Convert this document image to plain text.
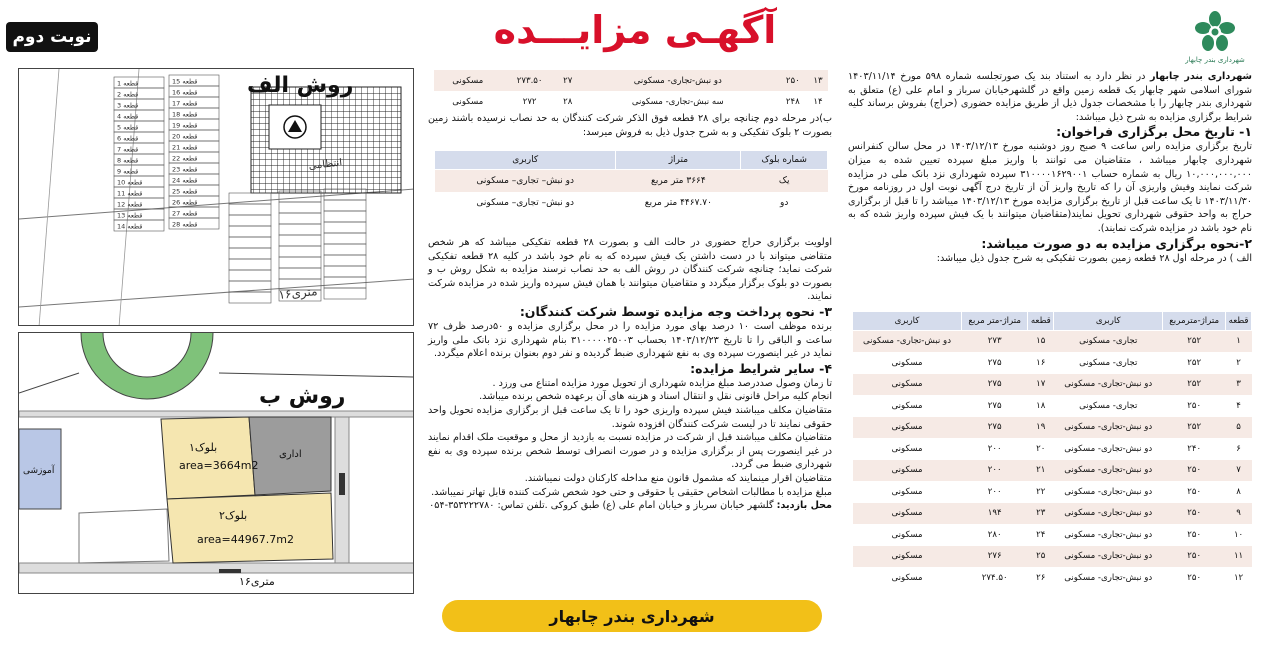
نوبت دوم	آگهـی مزایـــده
شهرداری بندر چابهار

شهرداری بندر چابهار در نظر دارد به استناد بند یک صورتجلسه شماره ۵۹۸ مورخ ۱۴۰۳/۱۱/۱۴ شورای اسلامی شهر چابهار یک قطعه زمین واقع در گلشهرخیابان سرباز و امام علی (ع) متعلق به شهرداری بندر چابهار را با مشخصات جدول ذیل از طریق مزایده حضوری (حراج) بفروش برساند کلیه شرایط برگزاری مزایده به شرح ذیل میباشد:

۱- تاریخ محل برگزاری فراخوان:

تاریخ برگزاری مزایده راس ساعت ۹ صبح روز دوشنبه مورخ ۱۴۰۳/۱۲/۱۳ در محل سالن کنفرانس شهرداری چابهار میباشد ، متقاضیان می توانند با واریز مبلغ سپرده تعیین شده به میزان ۱۰,۰۰۰,۰۰۰,۰۰۰ ریال به شماره حساب ۳۱۰۰۰۰۱۶۲۹۰۰۱ سپرده شهرداری نزد بانک ملی در مزایده شرکت نمایند وفیش واریزی آن را که تاریخ واریز آن از تاریخ درج آگهی نوبت اول در روزنامه مورخ ۱۴۰۳/۱۱/۳۰ تا یک ساعت قبل از تاریخ برگزاری مزایده مورخ ۱۴۰۳/۱۲/۱۳ میباشد را تا قبل از برگزاری حراج به واحد حقوقی شهرداری تحویل نمایند(متقاضیان میتوانند با یک فیش سپرده واریز شده که به نام خود باشد در مزایده شرکت نمایند).

۲-نحوه برگزاری مزایده به دو صورت میباشد:

الف ) در مرحله اول ۲۸ قطعه زمین بصورت تفکیکی به شرح جدول ذیل میباشد:

قطعه	متراژ-مترمربع	کاربری	قطعه	متراژ-متر مربع	کاربری
۱	۲۵۲	تجاری- مسکونی	۱۵	۲۷۳	دو نبش-تجاری- مسکونی
۲	۲۵۲	تجاری- مسکونی	۱۶	۲۷۵	مسکونی
۳	۲۵۲	دو نبش-تجاری- مسکونی	۱۷	۲۷۵	مسکونی
۴	۲۵۰	تجاری- مسکونی	۱۸	۲۷۵	مسکونی
۵	۲۵۲	دو نبش-تجاری- مسکونی	۱۹	۲۷۵	مسکونی
۶	۲۴۰	دو نبش-تجاری- مسکونی	۲۰	۲۰۰	مسکونی
۷	۲۵۰	دو نبش-تجاری- مسکونی	۲۱	۲۰۰	مسکونی
۸	۲۵۰	دو نبش-تجاری- مسکونی	۲۲	۲۰۰	مسکونی
۹	۲۵۰	دو نبش-تجاری- مسکونی	۲۳	۱۹۴	مسکونی
۱۰	۲۵۰	دو نبش-تجاری- مسکونی	۲۴	۲۸۰	مسکونی
۱۱	۲۵۰	دو نبش-تجاری- مسکونی	۲۵	۲۷۶	مسکونی
۱۲	۲۵۰	دو نبش-تجاری- مسکونی	۲۶	۲۷۴.۵۰	مسکونی
۱۳	۲۵۰	دو نبش-تجاری- مسکونی	۲۷	۲۷۳.۵۰	مسکونی
۱۴	۲۴۸	سه نبش-تجاری- مسکونی	۲۸	۲۷۲	مسکونی
ب)در مرحله دوم چنانچه برای ۲۸ قطعه فوق الذکر شرکت کنندگان به حد نصاب نرسیده باشند زمین بصورت ۲ بلوک تفکیکی و به شرح جدول ذیل به فروش میرسد:
شماره بلوک	متراژ	کاربری
یک	۳۶۶۴ متر مربع	دو نبش– تجاری– مسکونی
دو	۴۴۶۷.۷۰ متر مربع	دو نبش– تجاری– مسکونی

اولویت برگزاری حراج حضوری در حالت الف و بصورت ۲۸ قطعه تفکیکی میباشد که هر شخص متقاضی میتواند با در دست داشتن یک فیش سپرده که به نام خود باشد در کلیه ۲۸ قطعه تفکیکی شرکت نماید؛ چنانچه شرکت کنندگان در روش الف به حد نصاب نرسند مزایده به شکل روش ب و بصورت دو بلوک برگزار میگردد و متقاضیان میتوانند با همان فیش سپرده واریز شده در مزایده شرکت نمایند.

۳- نحوه پرداخت وجه مزایده توسط شرکت کنندگان:

برنده موظف است ۱۰ درصد بهای مورد مزایده را در محل برگزاری مزایده و ۵۰درصد ظرف ۷۲ ساعت و الباقی را تا تاریخ ۱۴۰۳/۱۲/۲۳ بحساب ۳۱۰۰۰۰۰۲۵۰۰۳ بنام شهرداری نزد بانک ملی واریز نماید در غیر اینصورت سپرده وی به نفع شهرداری ضبط گردیده و نفر دوم بعنوان برنده اعلام میگردد.

۴- سایر شرایط مزایده:

تا زمان وصول صددرصد مبلغ مزایده شهرداری از تحویل مورد مزایده امتناع می ورزد .

انجام کلیه مراحل قانونی نقل و انتقال اسناد و هزینه های آن برعهده شخص برنده میباشد.

متقاضیان مکلف میباشند فیش سپرده واریزی خود را تا یک ساعت قبل از برگزاری مزایده تحویل واحد حقوقی نمایند تا در لیست شرکت کنندگان افزوده شوند.

متقاضیان مکلف میباشند قبل از شرکت در مزایده نسبت به بازدید از محل و موقعیت ملک اقدام نمایند در غیر اینصورت پس از برگزاری مزایده و در صورت انصراف توسط شخص برنده سپرده وی به نفع شهرداری ضبط می گردد.

متقاضیان اقرار مینمایند که مشمول قانون منع مداخله کارکنان دولت نمیباشند.

مبلغ مزایده با مطالبات اشخاص حقیقی یا حقوقی و حتی خود شخص شرکت کننده قابل تهاتر نمیباشد.

محل بازدید: گلشهر خیابان سرباز و خیابان امام علی (ع) طبق کروکی .تلفن تماس: ۳۵۳۲۲۲۷۸۰-۰۵۴

قطعه 1
قطعه 2
قطعه 3
قطعه 4
قطعه 5
قطعه 6
قطعه 7
قطعه 8
قطعه 9
قطعه 10
قطعه 11
قطعه 12
قطعه 13
قطعه 14
قطعه 15
قطعه 16
قطعه 17
قطعه 18
قطعه 19
قطعه 20
قطعه 21
قطعه 22
قطعه 23
قطعه 24
قطعه 25
قطعه 26
قطعه 27
قطعه 28
انتظامی
۱۶متری
روش الف
روش ب
بلوک۱
area=3664m2
بلوک۲
area=44967.7m2
اداری
آموزشی
۱۶متری
شهرداری بندر چابهار
